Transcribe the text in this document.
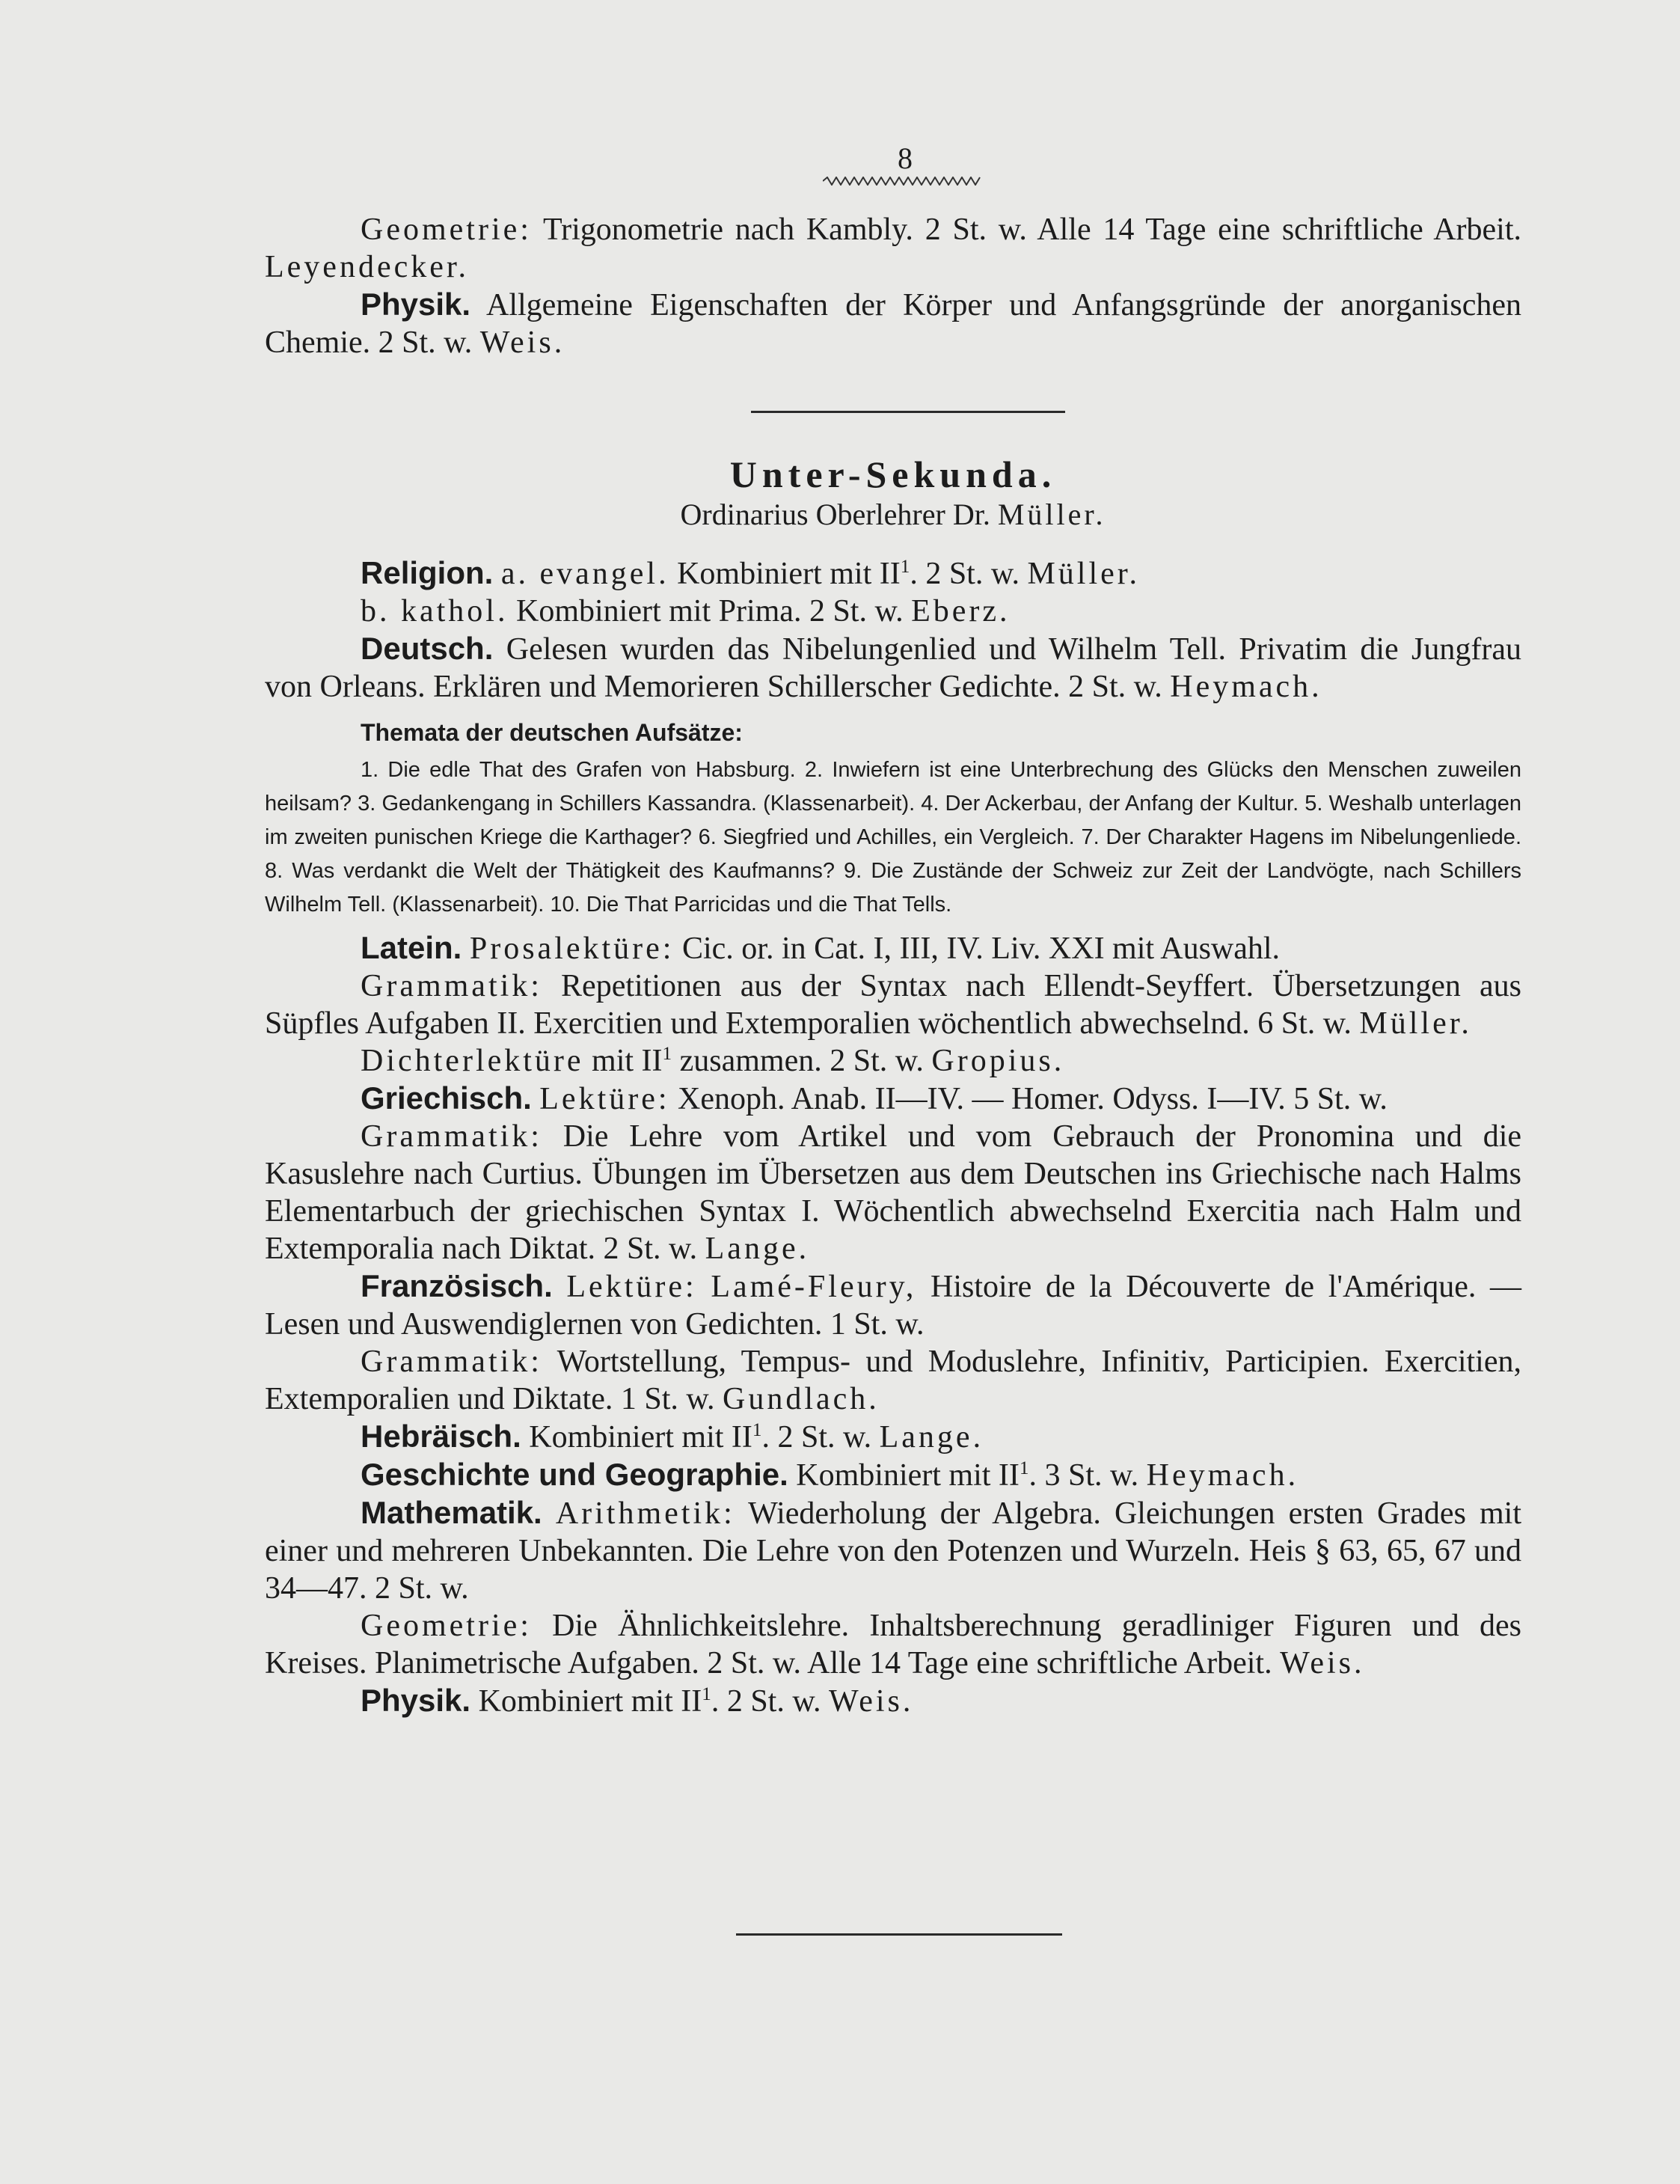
8

Geometrie: Trigonometrie nach Kambly. 2 St. w. Alle 14 Tage eine schriftliche Arbeit. Leyendecker.

Physik. Allgemeine Eigenschaften der Körper und Anfangsgründe der anorganischen Chemie. 2 St. w. Weis.

Unter-Sekunda.
Ordinarius Oberlehrer Dr. Müller.

Religion. a. evangel. Kombiniert mit $II^1$. 2 St. w. Müller.

b. kathol. Kombiniert mit Prima. 2 St. w. Eberz.

Deutsch. Gelesen wurden das Nibelungenlied und Wilhelm Tell. Privatim die Jungfrau von Orleans. Erklären und Memorieren Schillerscher Gedichte. 2 St. w. Heymach.

Themata der deutschen Aufsätze:

1. Die edle That des Grafen von Habsburg. 2. Inwiefern ist eine Unterbrechung des Glücks den Menschen zuweilen heilsam? 3. Gedankengang in Schillers Kassandra. (Klassenarbeit). 4. Der Ackerbau, der Anfang der Kultur. 5. Weshalb unterlagen im zweiten punischen Kriege die Karthager? 6. Siegfried und Achilles, ein Vergleich. 7. Der Charakter Hagens im Nibelungenliede. 8. Was verdankt die Welt der Thätigkeit des Kaufmanns? 9. Die Zustände der Schweiz zur Zeit der Landvögte, nach Schillers Wilhelm Tell. (Klassenarbeit). 10. Die That Parricidas und die That Tells.

Latein. Prosalektüre: Cic. or. in Cat. I, III, IV. Liv. XXI mit Auswahl.

Grammatik: Repetitionen aus der Syntax nach Ellendt-Seyffert. Übersetzungen aus Süpfles Aufgaben II. Exercitien und Extemporalien wöchentlich abwechselnd. 6 St. w. Müller.

Dichterlektüre mit $II^1$ zusammen. 2 St. w. Gropius.

Griechisch. Lektüre: Xenoph. Anab. II—IV. — Homer. Odyss. I—IV. 5 St. w.

Grammatik: Die Lehre vom Artikel und vom Gebrauch der Pronomina und die Kasuslehre nach Curtius. Übungen im Übersetzen aus dem Deutschen ins Griechische nach Halms Elementarbuch der griechischen Syntax I. Wöchentlich abwechselnd Exercitia nach Halm und Extemporalia nach Diktat. 2 St. w. Lange.

Französisch. Lektüre: Lamé-Fleury, Histoire de la Découverte de l'Amérique. — Lesen und Auswendiglernen von Gedichten. 1 St. w.

Grammatik: Wortstellung, Tempus- und Moduslehre, Infinitiv, Participien. Exercitien, Extemporalien und Diktate. 1 St. w. Gundlach.

Hebräisch. Kombiniert mit $II^1$. 2 St. w. Lange.

Geschichte und Geographie. Kombiniert mit $II^1$. 3 St. w. Heymach.

Mathematik. Arithmetik: Wiederholung der Algebra. Gleichungen ersten Grades mit einer und mehreren Unbekannten. Die Lehre von den Potenzen und Wurzeln. Heis § 63, 65, 67 und 34—47. 2 St. w.

Geometrie: Die Ähnlichkeitslehre. Inhaltsberechnung geradliniger Figuren und des Kreises. Planimetrische Aufgaben. 2 St. w. Alle 14 Tage eine schriftliche Arbeit. Weis.

Physik. Kombiniert mit $II^1$. 2 St. w. Weis.
